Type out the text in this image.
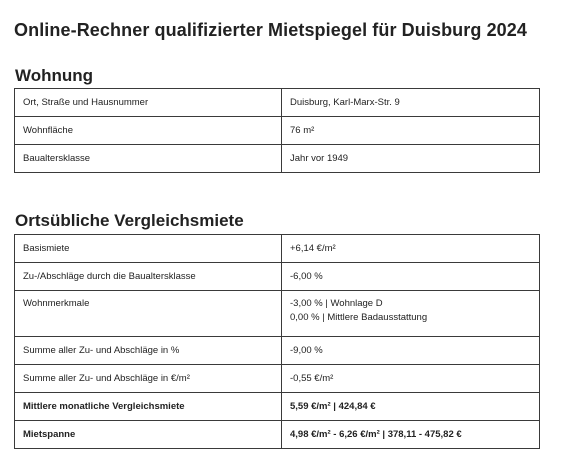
Online-Rechner qualifizierter Mietspiegel für Duisburg 2024
Wohnung
Ort, Straße und Hausnummer	Duisburg, Karl-Marx-Str. 9
Wohnfläche	76 m²
Baualtersklasse	Jahr vor 1949
Ortsübliche Vergleichsmiete
Basismiete	+6,14 €/m²
Zu-/Abschläge durch die Baualtersklasse	-6,00 %
Wohnmerkmale	-3,00 % | Wohnlage D
0,00 % | Mittlere Badausstattung

Summe aller Zu- und Abschläge in %	-9,00 %
Summe aller Zu- und Abschläge in €/m²	-0,55 €/m²
Mittlere monatliche Vergleichsmiete	5,59 €/m² | 424,84 €
Mietspanne	4,98 €/m² - 6,26 €/m² | 378,11 - 475,82 €
